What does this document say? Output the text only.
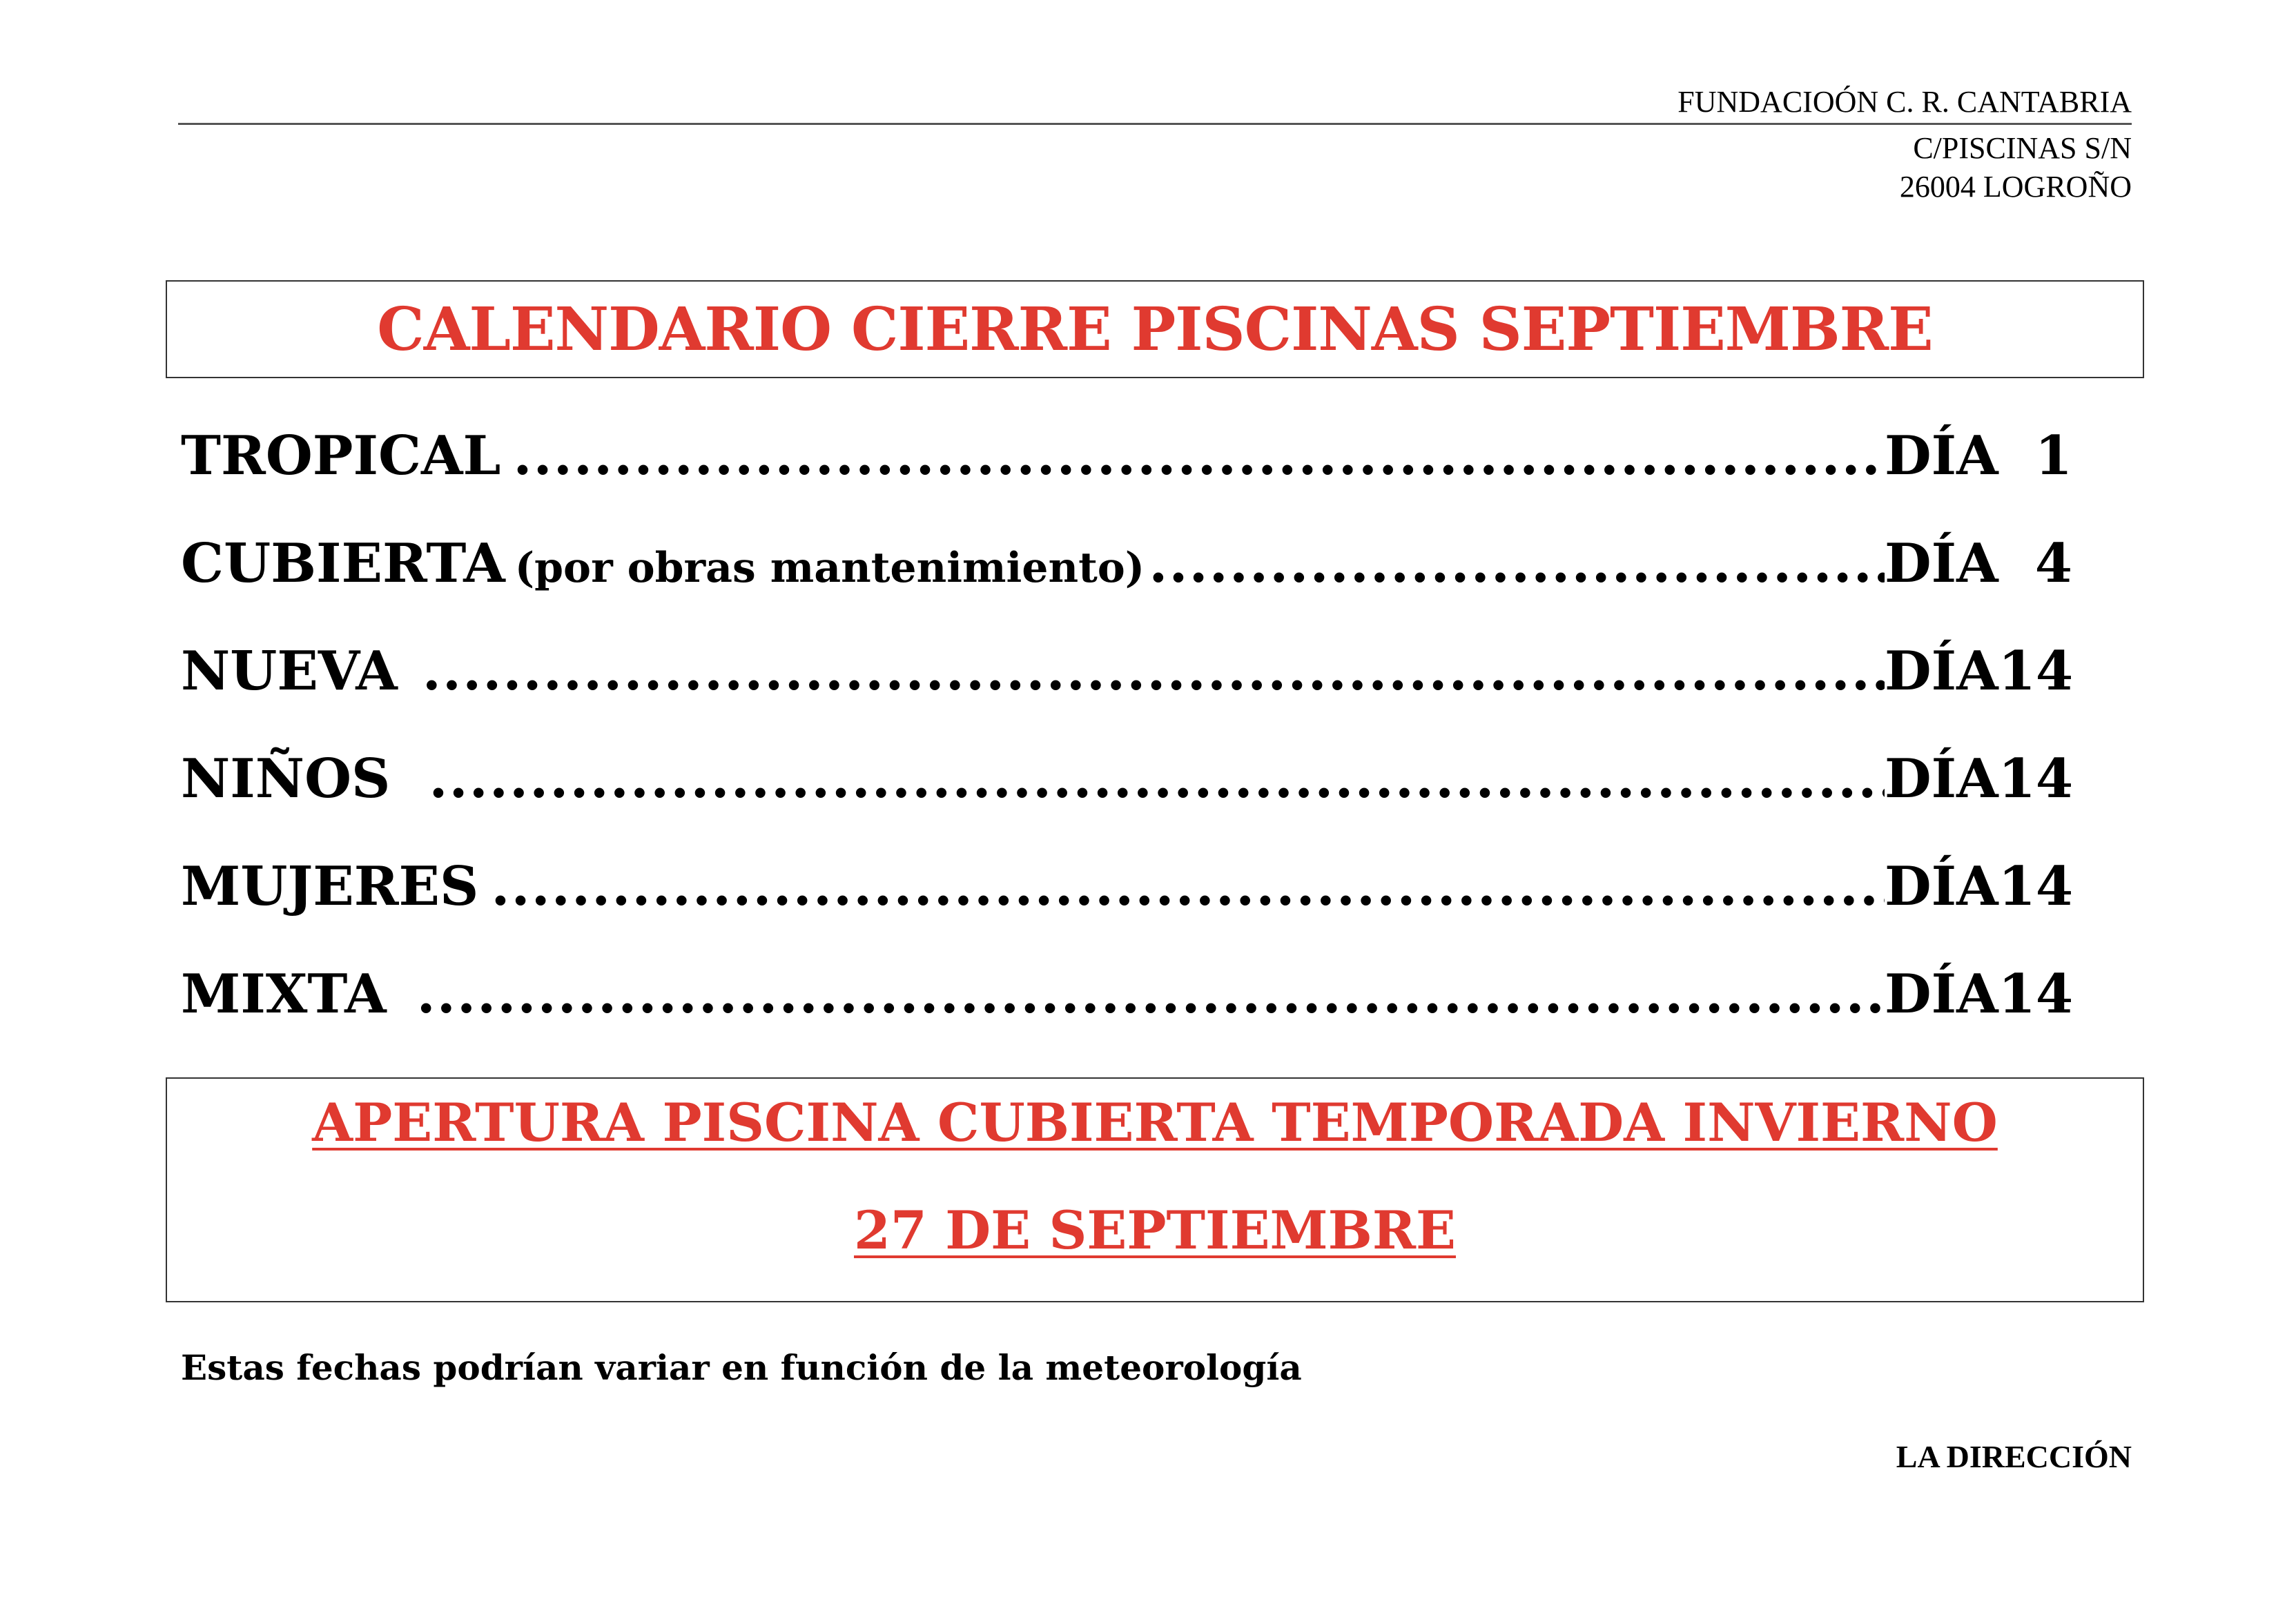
FUNDACIOÓN C. R. CANTABRIA
C/PISCINAS S/N
26004 LOGROÑO
CALENDARIO CIERRE PISCINAS SEPTIEMBRE
TROPICAL .....	DÍA 1
CUBIERTA (por obras mantenimiento) .....	DÍA 4
NUEVA .....	DÍA 14
NIÑOS .....	DÍA 14
MUJERES .....	DÍA 14
MIXTA .....	DÍA 14
APERTURA PISCINA CUBIERTA TEMPORADA INVIERNO
27 DE SEPTIEMBRE
Estas fechas podrían variar en función de la meteorología
LA DIRECCIÓN
